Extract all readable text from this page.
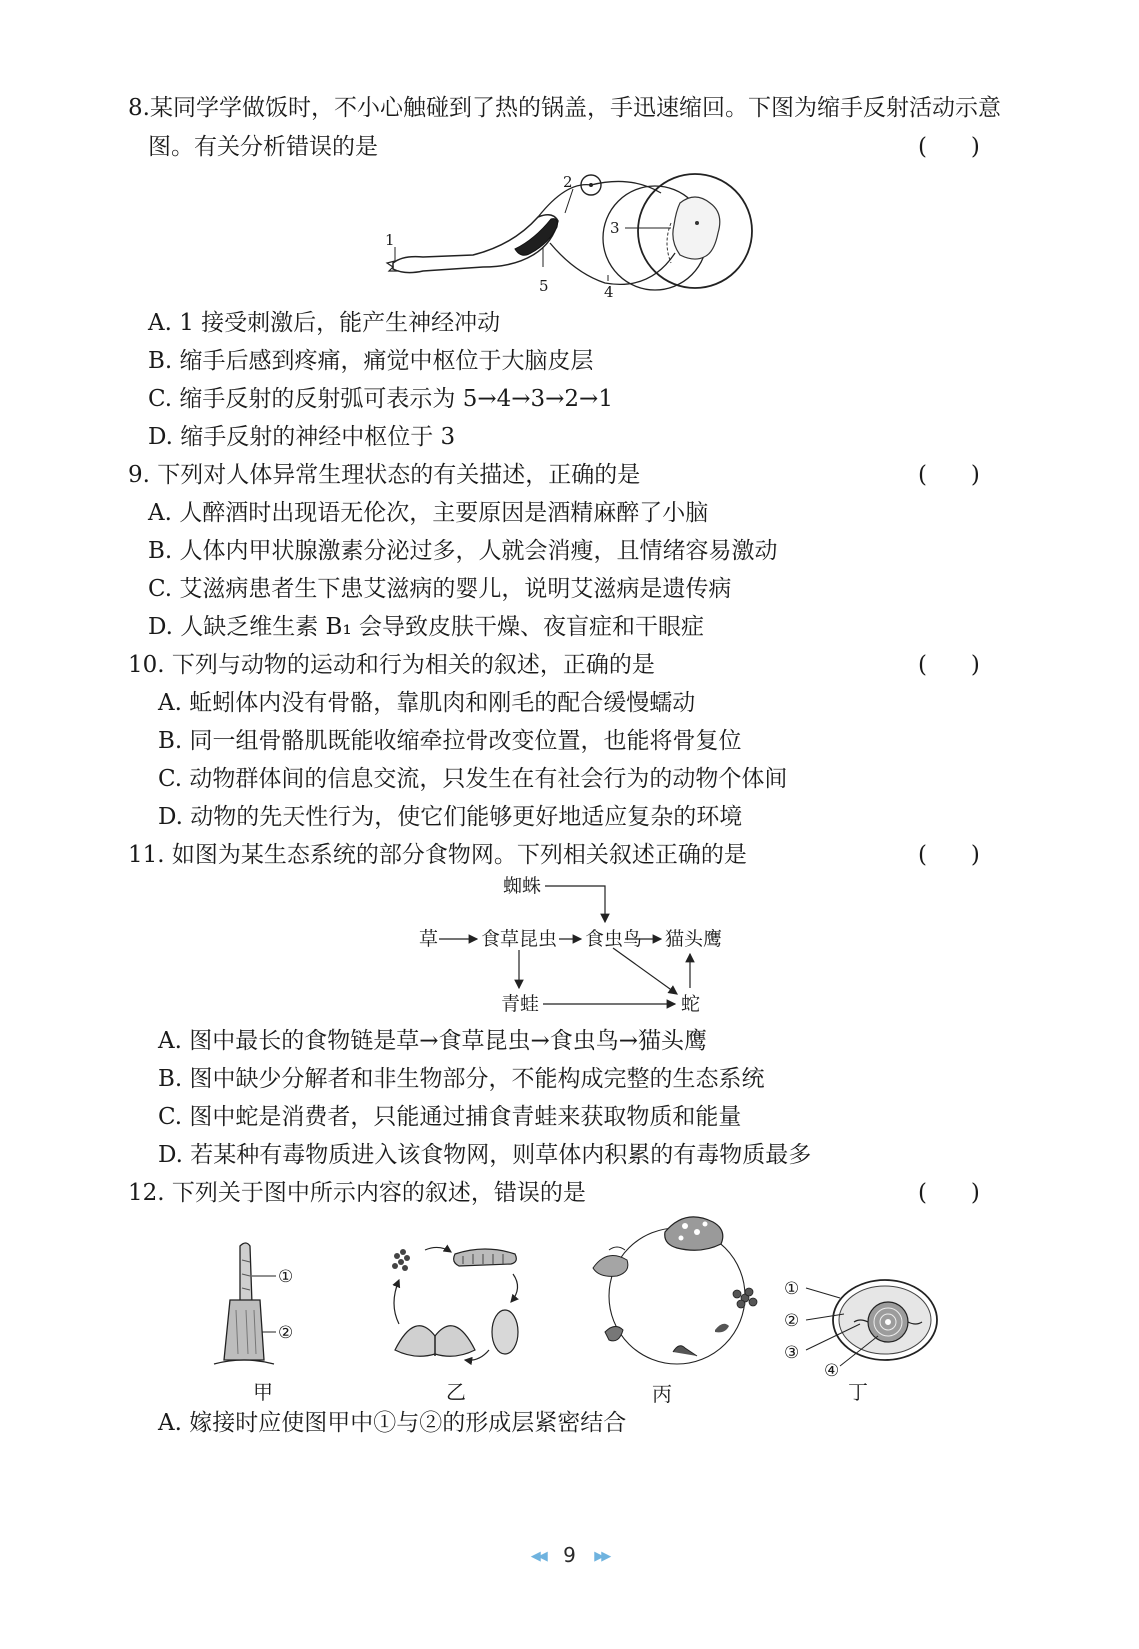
8.某同学学做饭时，不小心触碰到了热的锅盖，手迅速缩回。下图为缩手反射活动示意
图。有关分析错误的是	(      )
1
2
3
4
5
A. 1 接受刺激后，能产生神经冲动
B. 缩手后感到疼痛，痛觉中枢位于大脑皮层
C. 缩手反射的反射弧可表示为 5→4→3→2→1
D. 缩手反射的神经中枢位于 3
9. 下列对人体异常生理状态的有关描述，正确的是	(      )
A. 人醉酒时出现语无伦次，主要原因是酒精麻醉了小脑
B. 人体内甲状腺激素分泌过多，人就会消瘦，且情绪容易激动
C. 艾滋病患者生下患艾滋病的婴儿，说明艾滋病是遗传病
D. 人缺乏维生素 B₁ 会导致皮肤干燥、夜盲症和干眼症
10. 下列与动物的运动和行为相关的叙述，正确的是	(      )
A. 蚯蚓体内没有骨骼，靠肌肉和刚毛的配合缓慢蠕动
B. 同一组骨骼肌既能收缩牵拉骨改变位置，也能将骨复位
C. 动物群体间的信息交流，只发生在有社会行为的动物个体间
D. 动物的先天性行为，使它们能够更好地适应复杂的环境
11. 如图为某生态系统的部分食物网。下列相关叙述正确的是	(      )
蜘蛛
草 食草昆虫 食虫鸟 猫头鹰
青蛙	蛇
A. 图中最长的食物链是草→食草昆虫→食虫鸟→猫头鹰
B. 图中缺少分解者和非生物部分，不能构成完整的生态系统
C. 图中蛇是消费者，只能通过捕食青蛙来获取物质和能量
D. 若某种有毒物质进入该食物网，则草体内积累的有毒物质最多
12. 下列关于图中所示内容的叙述，错误的是	(      )
①
②
甲	乙	丙
①
②
③
④
丁
A. 嫁接时应使图甲中①与②的形成层紧密结合
◀◀ 9 ▶▶
